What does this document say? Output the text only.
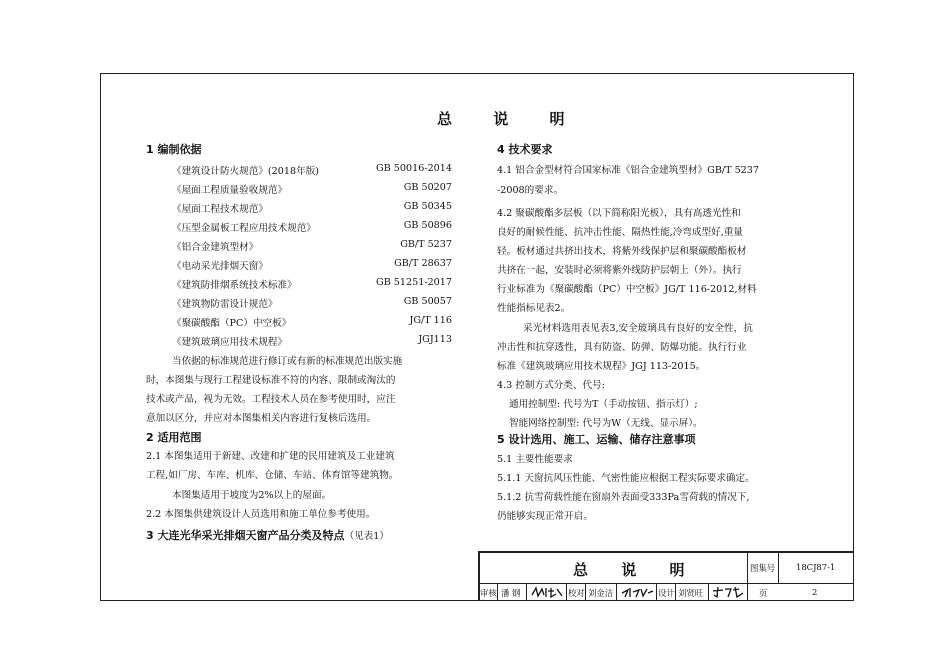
总 说 明
1 编制依据
《建筑设计防火规范》(2018年版)	GB 50016-2014
《屋面工程质量验收规范》	GB 50207
《屋面工程技术规范》	GB 50345
《压型金属板工程应用技术规范》	GB 50896
《铝合金建筑型材》	GB/T 5237
《电动采光排烟天窗》	GB/T 28637
《建筑防排烟系统技术标准》	GB 51251-2017
《建筑物防雷设计规范》	GB 50057
《聚碳酸酯（PC）中空板》	JG/T 116
《建筑玻璃应用技术规程》	JGJ113
当依据的标准规范进行修订或有新的标准规范出版实施
时，本图集与现行工程建设标准不符的内容、限制或淘汰的
技术或产品，视为无效。工程技术人员在参考使用时，应注
意加以区分，并应对本图集相关内容进行复核后选用。
2 适用范围
2.1 本图集适用于新建、改建和扩建的民用建筑及工业建筑
工程,如厂房、车库、机库、仓储、车站、体育馆等建筑物。
本图集适用于坡度为2%以上的屋面。
2.2 本图集供建筑设计人员选用和施工单位参考使用。
3 大连光华采光排烟天窗产品分类及特点（见表1）
4 技术要求
4.1 铝合金型材符合国家标准《铝合金建筑型材》GB/T 5237
-2008的要求。
4.2 聚碳酸酯多层板（以下简称阳光板），具有高透光性和
良好的耐候性能、抗冲击性能、隔热性能,冷弯成型好,重量
轻。板材通过共挤出技术，将紫外线保护层和聚碳酸酯板材
共挤在一起，安装时必须将紫外线防护层朝上（外）。执行
行业标准为《聚碳酸酯（PC）中空板》JG/T 116-2012,材料
性能指标见表2。
采光材料选用表见表3,安全玻璃具有良好的安全性，抗
冲击性和抗穿透性，具有防盗、防弹、防爆功能。执行行业
标准《建筑玻璃应用技术规程》JGJ 113-2015。
4.3 控制方式分类、代号:
通用控制型: 代号为T（手动按钮、指示灯）;
智能网络控制型: 代号为W（无线、显示屏）。
5 设计选用、施工、运输、储存注意事项
5.1 主要性能要求
5.1.1 天窗抗风压性能、气密性能应根据工程实际要求确定。
5.1.2 抗雪荷载性能在窗扇外表面受333Pa雪荷载的情况下,
仍能够实现正常开启。
总 说 明	图集号 18CJ87-1
审核 潘 钢	校对 刘金洁	设计 刘贤旺	页	2
